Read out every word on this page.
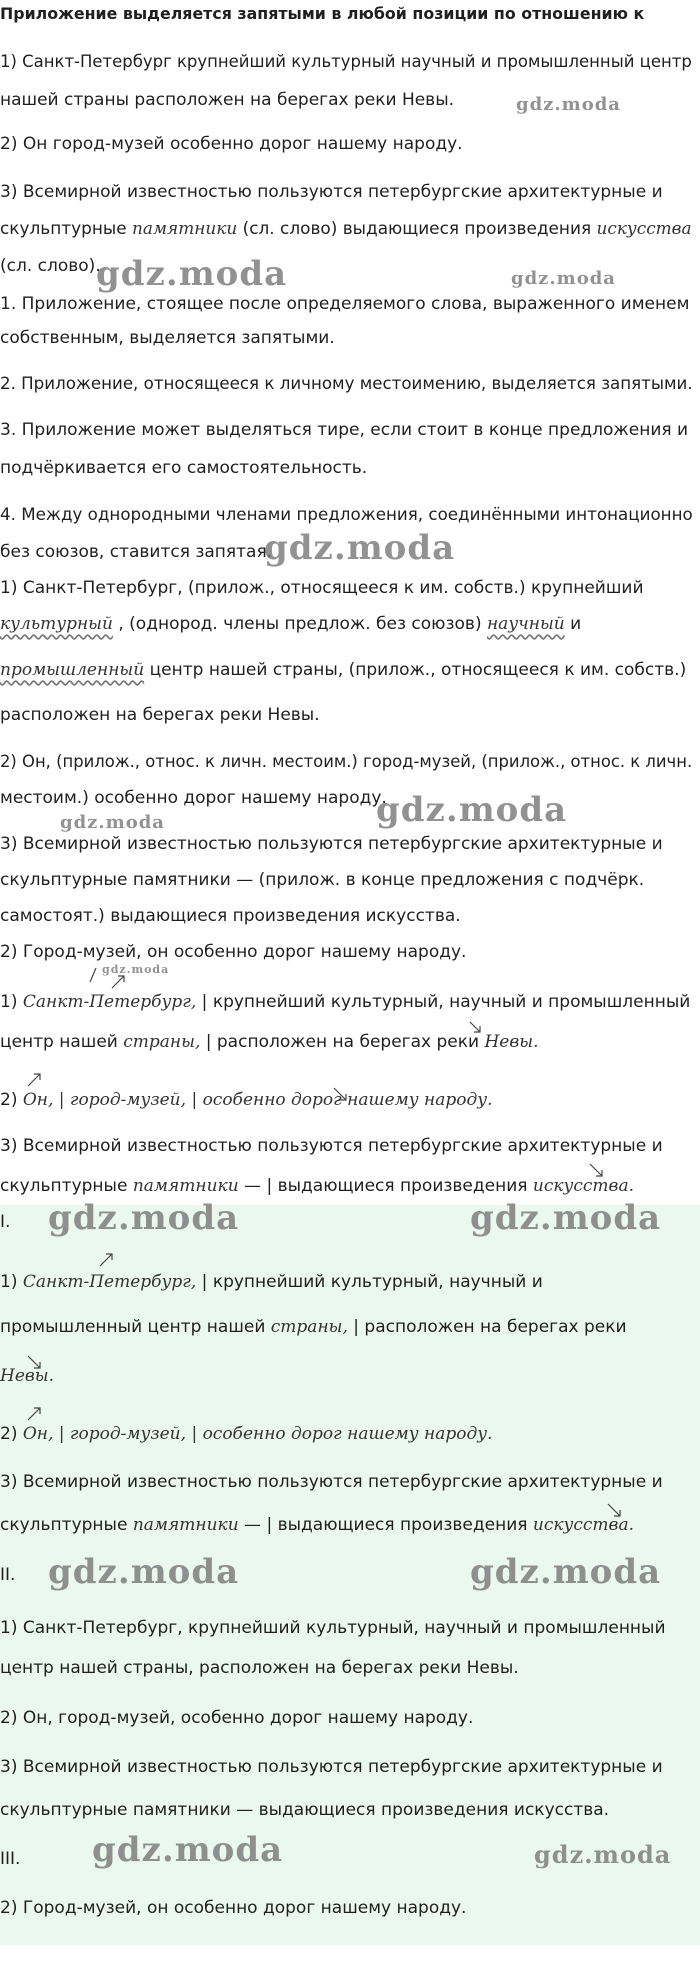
Приложение выделяется запятыми в любой позиции по отношению к
1) Санкт-Петербург крупнейший культурный научный и промышленный центр
нашей страны расположен на берегах реки Невы.
2) Он город-музей особенно дорог нашему народу.
3) Всемирной известностью пользуются петербургские архитектурные и
скульптурные памятники (сл. слово) выдающиеся произведения искусства
(сл. слово).
1. Приложение, стоящее после определяемого слова, выраженного именем
собственным, выделяется запятыми.
2. Приложение, относящееся к личному местоимению, выделяется запятыми.
3. Приложение может выделяться тире, если стоит в конце предложения и
подчёркивается его самостоятельность.
4. Между однородными членами предложения, соединёнными интонационно
без союзов, ставится запятая.
1) Санкт-Петербург, (прилож., относящееся к им. собств.) крупнейший
культурный , (однород. члены предлож. без союзов) научный и
промышленный центр нашей страны, (прилож., относящееся к им. собств.)
расположен на берегах реки Невы.
2) Он, (прилож., относ. к личн. местоим.) город-музей, (прилож., относ. к личн.
местоим.) особенно дорог нашему народу.
3) Всемирной известностью пользуются петербургские архитектурные и
скульптурные памятники — (прилож. в конце предложения с подчёрк.
самостоят.) выдающиеся произведения искусства.
2) Город-музей, он особенно дорог нашему народу.
1) Санкт-Петербург, | крупнейший культурный, научный и промышленный
центр нашей страны, | расположен на берегах реки Невы.
2) Он, | город-музей, | особенно дорог нашему народу.
3) Всемирной известностью пользуются петербургские архитектурные и
скульптурные памятники — | выдающиеся произведения искусства.
I.
1) Санкт-Петербург, | крупнейший культурный, научный и
промышленный центр нашей страны, | расположен на берегах реки
Невы.
2) Он, | город-музей, | особенно дорог нашему народу.
3) Всемирной известностью пользуются петербургские архитектурные и
скульптурные памятники — | выдающиеся произведения искусства.
II.
1) Санкт-Петербург, крупнейший культурный, научный и промышленный
центр нашей страны, расположен на берегах реки Невы.
2) Он, город-музей, особенно дорог нашему народу.
3) Всемирной известностью пользуются петербургские архитектурные и
скульптурные памятники — выдающиеся произведения искусства.
III.
2) Город-музей, он особенно дорог нашему народу.
gdz.moda
gdz.moda	gdz.moda
gdz.moda
gdz.moda
gdz.moda
gdz.moda
gdz.moda	gdz.moda
gdz.moda	gdz.moda
gdz.moda	gdz.moda
